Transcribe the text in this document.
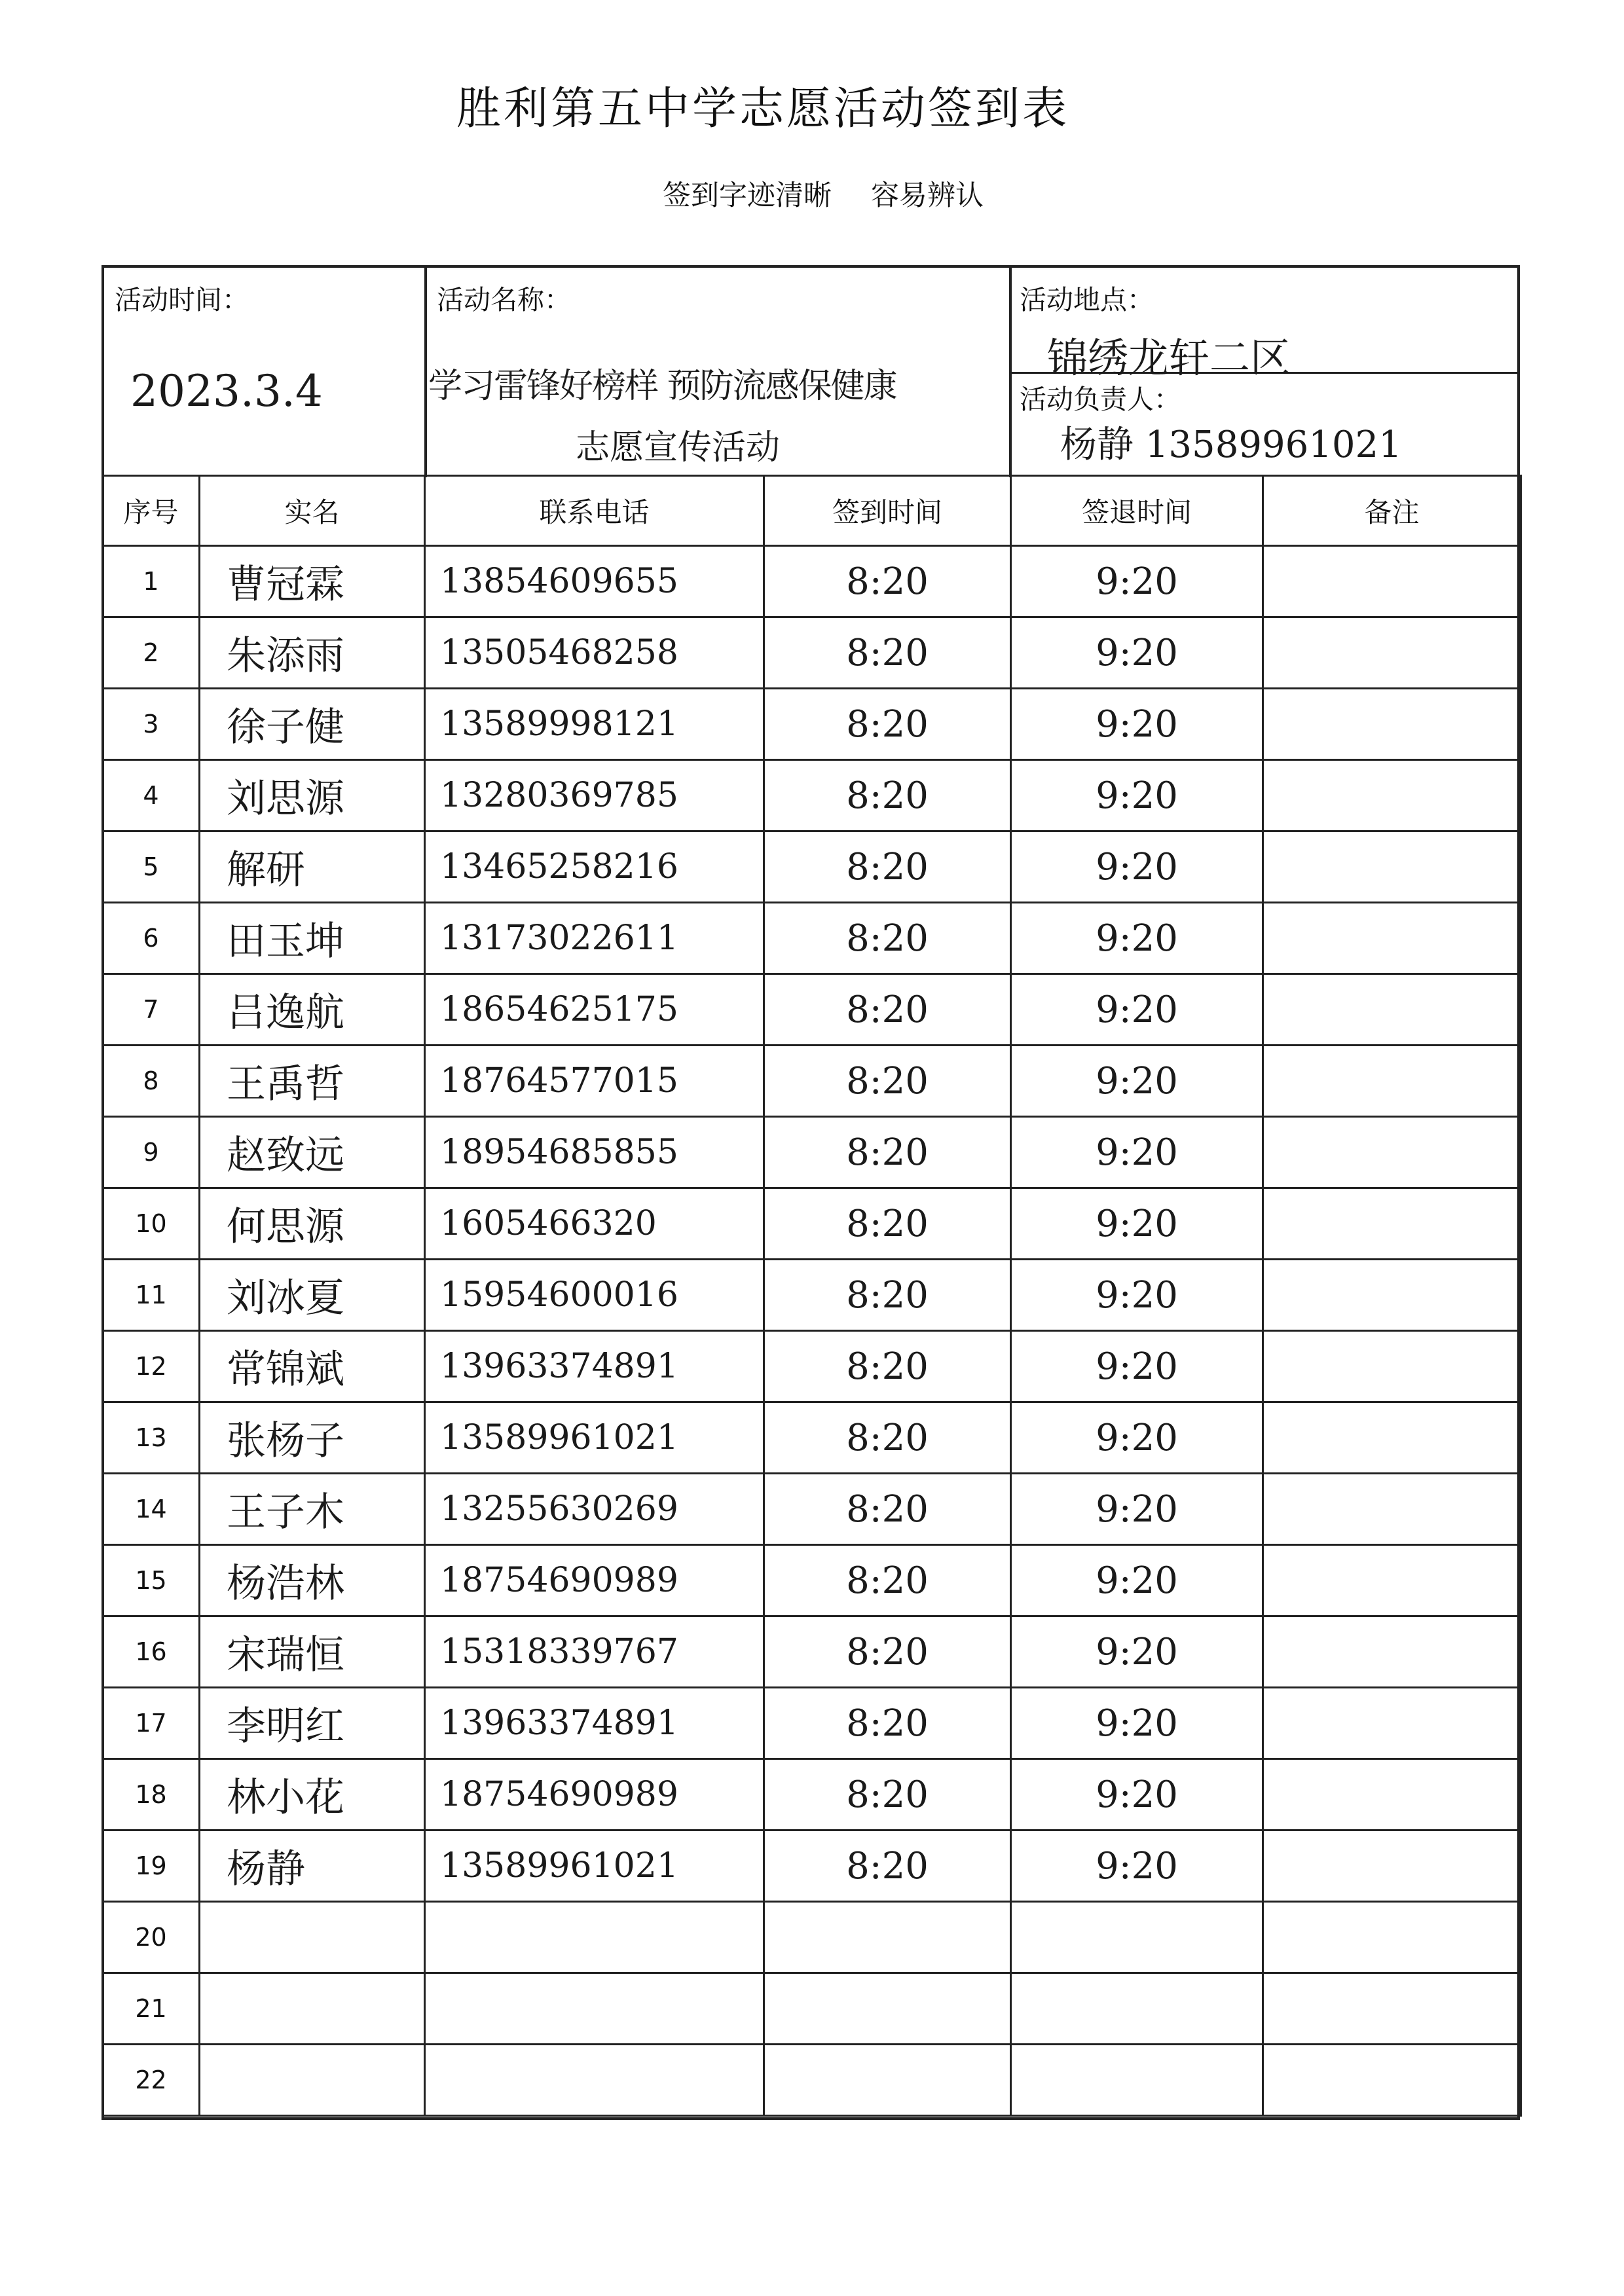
胜利第五中学志愿活动签到表
签到字迹清晰 容易辨认
活动时间：
2023.3.4
活动名称：
学习雷锋好榜样 预防流感保健康
志愿宣传活动
活动地点：
锦绣龙轩二区
活动负责人：
杨静 13589961021
序号	实名	联系电话	签到时间	签退时间	备注
1	曹冠霖	13854609655	8:20	9:20	
2	朱添雨	13505468258	8:20	9:20	
3	徐子健	13589998121	8:20	9:20	
4	刘思源	13280369785	8:20	9:20	
5	解研	13465258216	8:20	9:20	
6	田玉坤	13173022611	8:20	9:20	
7	吕逸航	18654625175	8:20	9:20	
8	王禹哲	18764577015	8:20	9:20	
9	赵致远	18954685855	8:20	9:20	
10	何思源	1605466320	8:20	9:20	
11	刘冰夏	15954600016	8:20	9:20	
12	常锦斌	13963374891	8:20	9:20	
13	张杨子	13589961021	8:20	9:20	
14	王子木	13255630269	8:20	9:20	
15	杨浩林	18754690989	8:20	9:20	
16	宋瑞恒	15318339767	8:20	9:20	
17	李明红	13963374891	8:20	9:20	
18	林小花	18754690989	8:20	9:20	
19	杨静	13589961021	8:20	9:20	
20					
21					
22					
